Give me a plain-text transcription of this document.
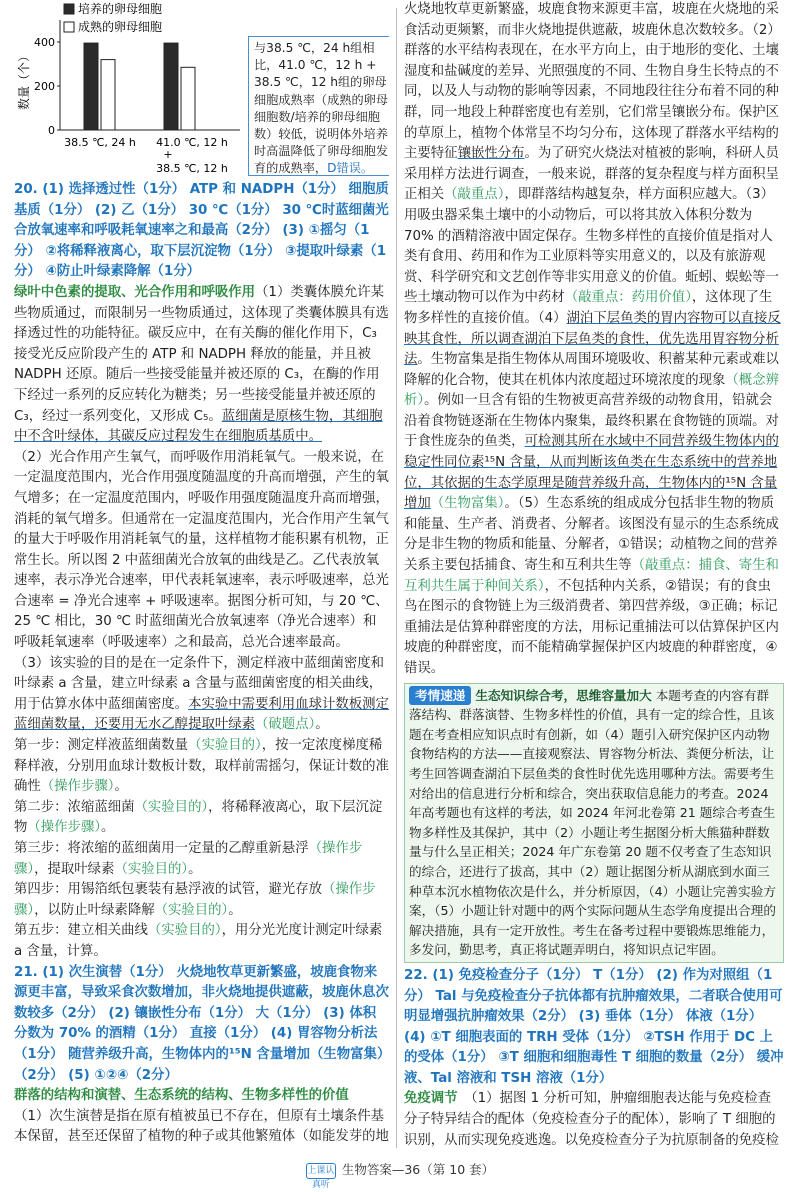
数量（个）
0
200
400
38.5 ℃, 24 h 41.0 ℃, 12 h
+
38.5 ℃, 12 h
培养的卵母细胞
成熟的卵母细胞
与38.5 ℃，24 h组相比，41.0 ℃，12 h + 38.5 ℃，12 h组的卵母细胞成熟率（成熟的卵母细胞数/培养的卵母细胞数）较低，说明体外培养时高温降低了卵母细胞发育的成熟率，D错误。

20. (1) 选择透过性（1分） ATP 和 NADPH（1分） 细胞质基质（1分） (2) 乙（1分） 30 ℃（1分） 30 ℃时蓝细菌光合放氧速率和呼吸耗氧速率之和最高（2分） (3) ①摇匀（1分） ②将稀释液离心，取下层沉淀物（1分） ③提取叶绿素（1分） ④防止叶绿素降解（1分）

绿叶中色素的提取、光合作用和呼吸作用（1）类囊体膜允许某些物质通过，而限制另一些物质通过，这体现了类囊体膜具有选择透过性的功能特征。碳反应中，在有关酶的催化作用下，C₃ 接受光反应阶段产生的 ATP 和 NADPH 释放的能量，并且被 NADPH 还原。随后一些接受能量并被还原的 C₃，在酶的作用下经过一系列的反应转化为糖类；另一些接受能量并被还原的 C₃，经过一系列变化，又形成 C₅。蓝细菌是原核生物，其细胞中不含叶绿体，其碳反应过程发生在细胞质基质中。

（2）光合作用产生氧气，而呼吸作用消耗氧气。一般来说，在一定温度范围内，光合作用强度随温度的升高而增强，产生的氧气增多；在一定温度范围内，呼吸作用强度随温度升高而增强，消耗的氧气增多。但通常在一定温度范围内，光合作用产生氧气的量大于呼吸作用消耗氧气的量，这样植物才能积累有机物，正常生长。所以图 2 中蓝细菌光合放氧的曲线是乙。乙代表放氧速率，表示净光合速率，甲代表耗氧速率，表示呼吸速率，总光合速率 = 净光合速率 + 呼吸速率。据图分析可知，与 20 ℃、25 ℃ 相比，30 ℃ 时蓝细菌光合放氧速率（净光合速率）和呼吸耗氧速率（呼吸速率）之和最高，总光合速率最高。

（3）该实验的目的是在一定条件下，测定样液中蓝细菌密度和叶绿素 a 含量，建立叶绿素 a 含量与蓝细菌密度的相关曲线，用于估算水体中蓝细菌密度。本实验中需要利用血球计数板测定蓝细菌数量，还要用无水乙醇提取叶绿素（破题点）。

第一步：测定样液蓝细菌数量（实验目的），按一定浓度梯度稀释样液，分别用血球计数板计数，取样前需摇匀，保证计数的准确性（操作步骤）。

第二步：浓缩蓝细菌（实验目的），将稀释液离心，取下层沉淀物（操作步骤）。

第三步：将浓缩的蓝细菌用一定量的乙醇重新悬浮（操作步骤），提取叶绿素（实验目的）。

第四步：用锡箔纸包裹装有悬浮液的试管，避光存放（操作步骤），以防止叶绿素降解（实验目的）。

第五步：建立相关曲线（实验目的），用分光光度计测定叶绿素 a 含量，计算。

21. (1) 次生演替（1分） 火烧地牧草更新繁盛，坡鹿食物来源更丰富，导致采食次数增加，非火烧地提供遮蔽，坡鹿休息次数较多（2分） (2) 镶嵌性分布（1分） 大（1分） (3) 体积分数为 70% 的酒精（1分） 直接（1分） (4) 胃容物分析法（1分） 随营养级升高，生物体内的¹⁵N 含量增加（生物富集）（2分） (5) ①②④（2分）

群落的结构和演替、生态系统的结构、生物多样性的价值

（1）次生演替是指在原有植被虽已不存在，但原有土壤条件基本保留，甚至还保留了植物的种子或其他繁殖体（如能发芽的地

火烧地牧草更新繁盛，坡鹿食物来源更丰富，坡鹿在火烧地的采食活动更频繁，而非火烧地提供遮蔽，坡鹿休息次数较多。（2）群落的水平结构表现在，在水平方向上，由于地形的变化、土壤湿度和盐碱度的差异、光照强度的不同、生物自身生长特点的不同，以及人与动物的影响等因素，不同地段往往分布着不同的种群，同一地段上种群密度也有差别，它们常呈镶嵌分布。保护区的草原上，植物个体常呈不均匀分布，这体现了群落水平结构的主要特征镶嵌性分布。为了研究火烧法对植被的影响，科研人员采用样方法进行调查，一般来说，群落的复杂程度与样方面积呈正相关（敲重点），即群落结构越复杂，样方面积应越大。（3）用吸虫器采集土壤中的小动物后，可以将其放入体积分数为 70% 的酒精溶液中固定保存。生物多样性的直接价值是指对人类有食用、药用和作为工业原料等实用意义的，以及有旅游观赏、科学研究和文艺创作等非实用意义的价值。蚯蚓、蜈蚣等一些土壤动物可以作为中药材（敲重点：药用价值），这体现了生物多样性的直接价值。（4）湖泊下层鱼类的胃内容物可以直接反映其食性，所以调查湖泊下层鱼类的食性，优先选用胃容物分析法。生物富集是指生物体从周围环境吸收、积蓄某种元素或难以降解的化合物，使其在机体内浓度超过环境浓度的现象（概念辨析）。例如一旦含有铅的生物被更高营养级的动物食用，铅就会沿着食物链逐渐在生物体内聚集，最终积累在食物链的顶端。对于食性庞杂的鱼类，可检测其所在水域中不同营养级生物体内的稳定性同位素¹⁵N 含量，从而判断该鱼类在生态系统中的营养地位，其依据的生态学原理是随营养级升高，生物体内的¹⁵N 含量增加（生物富集）。（5）生态系统的组成成分包括非生物的物质和能量、生产者、消费者、分解者。该图没有显示的生态系统成分是非生物的物质和能量、分解者，①错误；动植物之间的营养关系主要包括捕食、寄生和互利共生等（敲重点：捕食、寄生和互利共生属于种间关系），不包括种内关系，②错误；有的食虫鸟在图示的食物链上为三级消费者、第四营养级，③正确；标记重捕法是估算种群密度的方法，用标记重捕法可以估算保护区内坡鹿的种群密度，而不能精确掌握保护区内坡鹿的种群密度，④错误。

考情速递 生态知识综合考，思维容量加大 本题考查的内容有群落结构、群落演替、生物多样性的价值，具有一定的综合性，且该题在考查相应知识点时有创新，如（4）题引入研究保护区内动物食物结构的方法——直接观察法、胃容物分析法、粪便分析法，让考生回答调查湖泊下层鱼类的食性时优先选用哪种方法。需要考生对给出的信息进行分析和综合，突出获取信息能力的考查。2024 年高考题也有这样的考法，如 2024 年河北卷第 21 题综合考查生物多样性及其保护，其中（2）小题让考生据图分析大熊猫种群数量与什么呈正相关；2024 年广东卷第 20 题不仅考查了生态知识的综合，还进行了拔高，其中（2）题让据图分析从湖底到水面三种草本沉水植物依次是什么，并分析原因，（4）小题让完善实验方案，（5）小题让针对题中的两个实际问题从生态学角度提出合理的解决措施，具有一定开放性。考生在备考过程中要锻炼思维能力，多发问，勤思考，真正将试题弄明白，将知识点记牢固。

22. (1) 免疫检查分子（1分） T（1分） (2) 作为对照组（1分） Tal 与免疫检查分子抗体都有抗肿瘤效果，二者联合使用可明显增强抗肿瘤效果（2分） (3) 垂体（1分） 体液（1分） (4) ①T 细胞表面的 TRH 受体（1分） ②TSH 作用于 DC 上的受体（1分） ③T 细胞和细胞毒性 T 细胞的数量（2分） 缓冲液、Tal 溶液和 TSH 溶液（1分）

免疫调节　 （1）据图 1 分析可知，肿瘤细胞表达能与免疫检查分子特异结合的配体（免疫检查分子的配体），影响了 T 细胞的识别，从而实现免疫逃逸。以免疫检查分子为抗原制备的免疫检

上课认真听生物答案—36（第 10 套）
